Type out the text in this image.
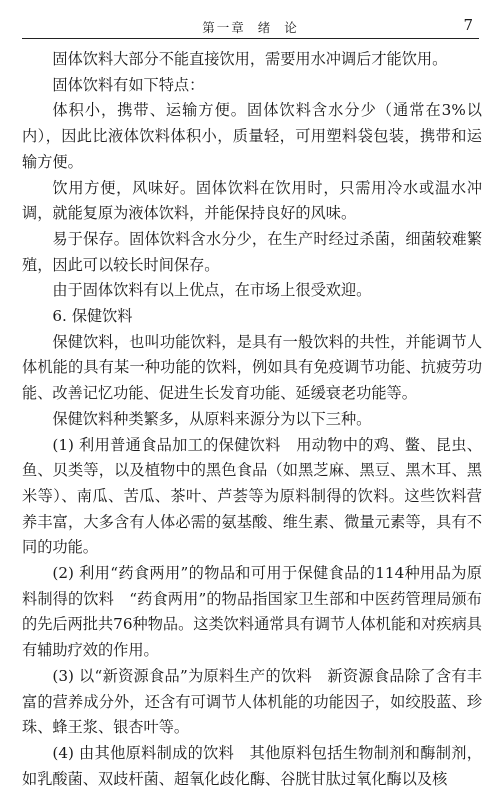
第一章 绪 论	7

固体饮料大部分不能直接饮用，需要用水冲调后才能饮用。

固体饮料有如下特点：

体积小，携带、运输方便。固体饮料含水分少（通常在3%以内），因此比液体饮料体积小，质量轻，可用塑料袋包装，携带和运输方便。

饮用方便，风味好。固体饮料在饮用时，只需用冷水或温水冲调，就能复原为液体饮料，并能保持良好的风味。

易于保存。固体饮料含水分少，在生产时经过杀菌，细菌较难繁殖，因此可以较长时间保存。

由于固体饮料有以上优点，在市场上很受欢迎。

6. 保健饮料

保健饮料，也叫功能饮料，是具有一般饮料的共性，并能调节人体机能的具有某一种功能的饮料，例如具有免疫调节功能、抗疲劳功能、改善记忆功能、促进生长发育功能、延缓衰老功能等。

保健饮料种类繁多，从原料来源分为以下三种。

(1) 利用普通食品加工的保健饮料　用动物中的鸡、鳖、昆虫、鱼、贝类等，以及植物中的黑色食品（如黑芝麻、黑豆、黑木耳、黑米等）、南瓜、苦瓜、茶叶、芦荟等为原料制得的饮料。这些饮料营养丰富，大多含有人体必需的氨基酸、维生素、微量元素等，具有不同的功能。

(2) 利用“药食两用”的物品和可用于保健食品的114种用品为原料制得的饮料　“药食两用”的物品指国家卫生部和中医药管理局颁布的先后两批共76种物品。这类饮料通常具有调节人体机能和对疾病具有辅助疗效的作用。

(3) 以“新资源食品”为原料生产的饮料　新资源食品除了含有丰富的营养成分外，还含有可调节人体机能的功能因子，如绞股蓝、珍珠、蜂王浆、银杏叶等。

(4) 由其他原料制成的饮料　其他原料包括生物制剂和酶制剂，如乳酸菌、双歧杆菌、超氧化歧化酶、谷胱甘肽过氧化酶以及核
